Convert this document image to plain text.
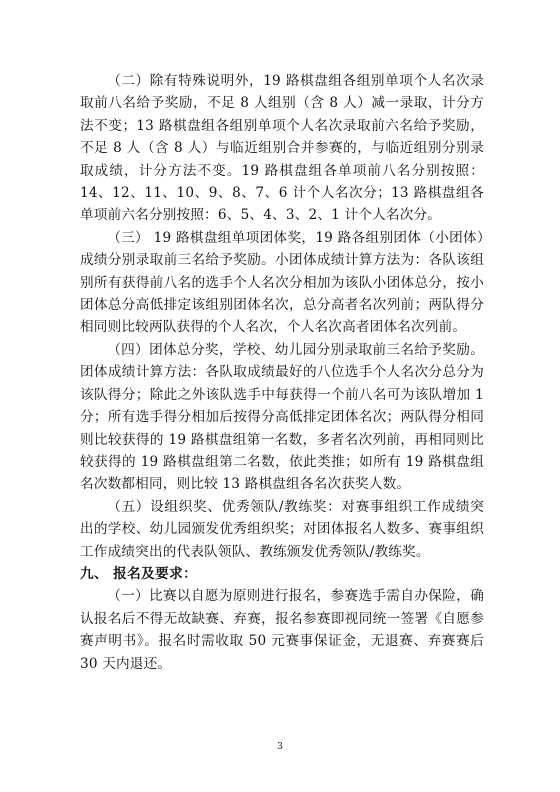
（二）除有特殊说明外，19 路棋盘组各组别单项个人名次录取前八名给予奖励，不足 8 人组别（含 8 人）减一录取，计分方法不变；13 路棋盘组各组别单项个人名次录取前六名给予奖励，不足 8 人（含 8 人）与临近组别合并参赛的，与临近组别分别录取成绩，计分方法不变。19 路棋盘组各单项前八名分别按照：14、12、11、10、9、8、7、6 计个人名次分；13 路棋盘组各单项前六名分别按照：6、5、4、3、2、1 计个人名次分。

（三） 19 路棋盘组单项团体奖，19 路各组别团体（小团体）成绩分别录取前三名给予奖励。小团体成绩计算方法为：各队该组别所有获得前八名的选手个人名次分相加为该队小团体总分，按小团体总分高低排定该组别团体名次，总分高者名次列前；两队得分相同则比较两队获得的个人名次，个人名次高者团体名次列前。

（四）团体总分奖，学校、幼儿园分别录取前三名给予奖励。团体成绩计算方法：各队取成绩最好的八位选手个人名次分总分为该队得分；除此之外该队选手中每获得一个前八名可为该队增加 1 分；所有选手得分相加后按得分高低排定团体名次；两队得分相同则比较获得的 19 路棋盘组第一名数，多者名次列前，再相同则比较获得的 19 路棋盘组第二名数，依此类推；如所有 19 路棋盘组名次数都相同，则比较 13 路棋盘组各名次获奖人数。

（五）设组织奖、优秀领队/教练奖：对赛事组织工作成绩突出的学校、幼儿园颁发优秀组织奖；对团体报名人数多、赛事组织工作成绩突出的代表队领队、教练颁发优秀领队/教练奖。

九、 报名及要求：

（一）比赛以自愿为原则进行报名，参赛选手需自办保险，确认报名后不得无故缺赛、弃赛，报名参赛即视同统一签署《自愿参赛声明书》。报名时需收取 50 元赛事保证金，无退赛、弃赛赛后 30 天内退还。

3
